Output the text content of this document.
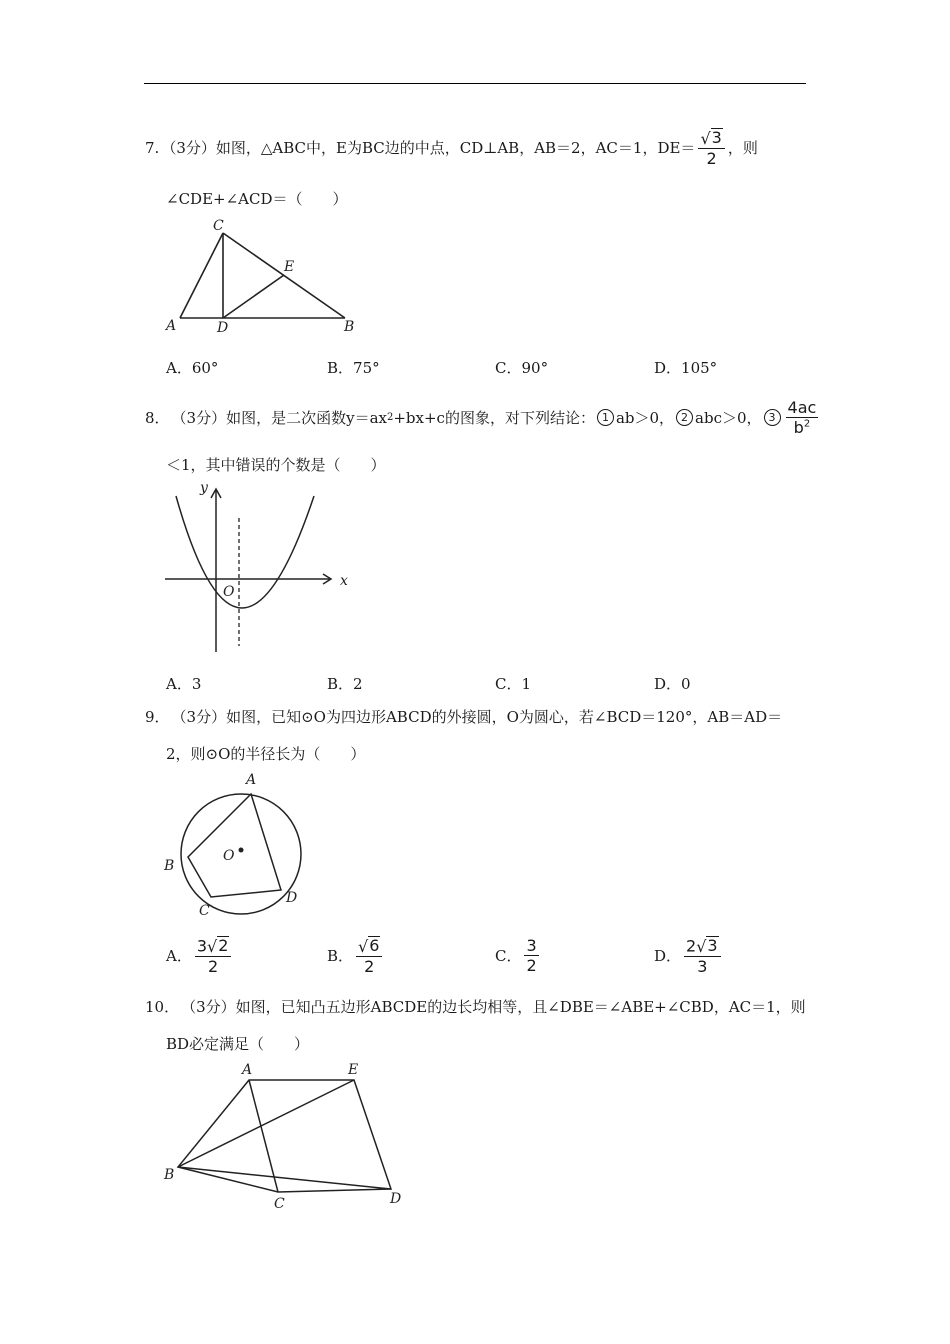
7. （3分）如图，△ABC中，E为BC边的中点，CD⊥AB，AB＝2，AC＝1，$DE= \frac{√ 3}{2}$ ，则
∠CDE+∠ACD＝（　　）
C
E
A	D	B
A． 60°	B． 75°	C． 90°	D． 105°
8． （3分）如图，是二次函数y＝ax 2 +bx+c的图象，对下列结论： 1 ab＞0， 2 abc＞0， $3 \frac{4ac}{b^2}$
＜1，其中错误的个数是（　　）
y
x
O
A． 3	B． 2	C． 1	D． 0
9． （3分）如图，已知⊙O为四边形ABCD的外接圆，O为圆心，若∠BCD＝120°，AB＝AD＝
2，则⊙O的半径长为（　　）
A
B
C
D
O
A． $\frac{3 √ 2}{2}$	B． $\frac{√ 6}{2}$	C． $\frac{3}{2}$	D． $\frac{2 √ 3}{3}$
10． （3分）如图，已知凸五边形ABCDE的边长均相等，且∠DBE＝∠ABE+∠CBD，AC＝1，则
BD必定满足（　　）
A	E
B
C	D
